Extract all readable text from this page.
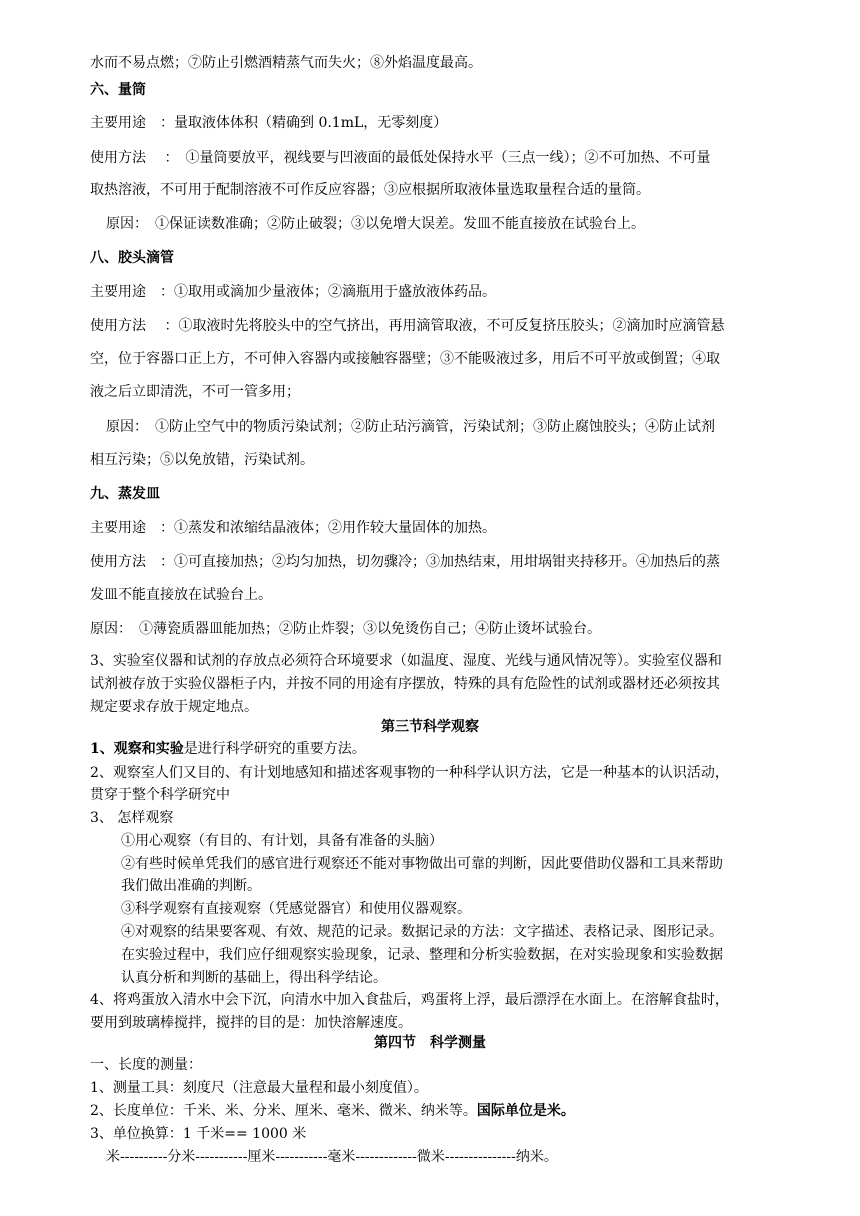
水而不易点燃；⑦防止引燃酒精蒸气而失火；⑧外焰温度最高。
六、量筒
主要用途　：量取液体体积（精确到 0.1mL，无零刻度）
使用方法　 ：　①量筒要放平，视线要与凹液面的最低处保持水平（三点一线）；②不可加热、不可量
取热溶液，不可用于配制溶液不可作反应容器；③应根据所取液体量选取量程合适的量筒。
原因：　①保证读数准确；②防止破裂；③以免增大误差。发皿不能直接放在试验台上。
八、胶头滴管
主要用途　：①取用或滴加少量液体；②滴瓶用于盛放液体药品。
使用方法　 ：①取液时先将胶头中的空气挤出，再用滴管取液，不可反复挤压胶头；②滴加时应滴管悬
空，位于容器口正上方，不可伸入容器内或接触容器壁；③不能吸液过多，用后不可平放或倒置；④取
液之后立即清洗，不可一管多用；
原因：　①防止空气中的物质污染试剂；②防止玷污滴管，污染试剂；③防止腐蚀胶头；④防止试剂
相互污染；⑤以免放错，污染试剂。
九、蒸发皿
主要用途　：①蒸发和浓缩结晶液体；②用作较大量固体的加热。
使用方法　：①可直接加热；②均匀加热，切勿骤冷；③加热结束，用坩埚钳夹持移开。④加热后的蒸
发皿不能直接放在试验台上。
原因：　①薄瓷质器皿能加热；②防止炸裂；③以免烫伤自己；④防止烫坏试验台。
3、实验室仪器和试剂的存放点必须符合环境要求（如温度、湿度、光线与通风情况等）。实验室仪器和
试剂被存放于实验仪器柜子内，并按不同的用途有序摆放，特殊的具有危险性的试剂或器材还必须按其
规定要求存放于规定地点。
第三节科学观察
1、观察和实验是进行科学研究的重要方法。
2、观察室人们又目的、有计划地感知和描述客观事物的一种科学认识方法，它是一种基本的认识活动，
贯穿于整个科学研究中
3、 怎样观察
①用心观察（有目的、有计划，具备有准备的头脑）
②有些时候单凭我们的感官进行观察还不能对事物做出可靠的判断，因此要借助仪器和工具来帮助
我们做出准确的判断。
③科学观察有直接观察（凭感觉器官）和使用仪器观察。
④对观察的结果要客观、有效、规范的记录。数据记录的方法：文字描述、表格记录、图形记录。
在实验过程中，我们应仔细观察实验现象，记录、整理和分析实验数据，在对实验现象和实验数据
认真分析和判断的基础上，得出科学结论。
4、将鸡蛋放入清水中会下沉，向清水中加入食盐后，鸡蛋将上浮，最后漂浮在水面上。在溶解食盐时，
要用到玻璃棒搅拌，搅拌的目的是：加快溶解速度。
第四节　科学测量
一、长度的测量：
1、测量工具：刻度尺（注意最大量程和最小刻度值）。
2、长度单位：千米、米、分米、厘米、毫米、微米、纳米等。国际单位是米。
3、单位换算：1 千米== 1000 米
米----------分米-----------厘米-----------毫米-------------微米---------------纳米。
